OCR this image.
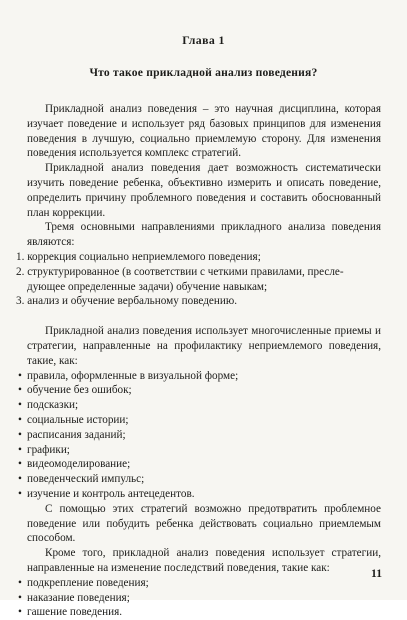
Глава 1
Что такое прикладной анализ поведения?

Прикладной анализ поведения – это научная дисциплина, которая изучает поведение и использует ряд базовых принципов для изменения поведения в лучшую, социально приемлемую сторону. Для изменения поведения используется комплекс стратегий.

Прикладной анализ поведения дает возможность систематически изучить поведение ребенка, объективно измерить и описать поведение, определить причину проблемного поведения и составить обоснованный план коррекции.

Тремя основными направлениями прикладного анализа поведения являются:

1. коррекция социально неприемлемого поведения;
2. структурированное (в соответствии с четкими правилами, преслe-
дующее определенные задачи) обучение навыкам;
3. анализ и обучение вербальному поведению.

Прикладной анализ поведения использует многочисленные приемы и стратегии, направленные на профилактику неприемлемого поведения, такие, как:

• правила, оформленные в визуальной форме;
• обучение без ошибок;
• подсказки;
• социальные истории;
• расписания заданий;
• графики;
• видеомоделирование;
• поведенческий импульс;
• изучение и контроль антецедентов.

С помощью этих стратегий возможно предотвратить проблемное поведение или побудить ребенка действовать социально приемлемым способом.

Кроме того, прикладной анализ поведения использует стратегии, направленные на изменение последствий поведения, такие как:

• подкрепление поведения;
• наказание поведения;
• гашение поведения.
11
